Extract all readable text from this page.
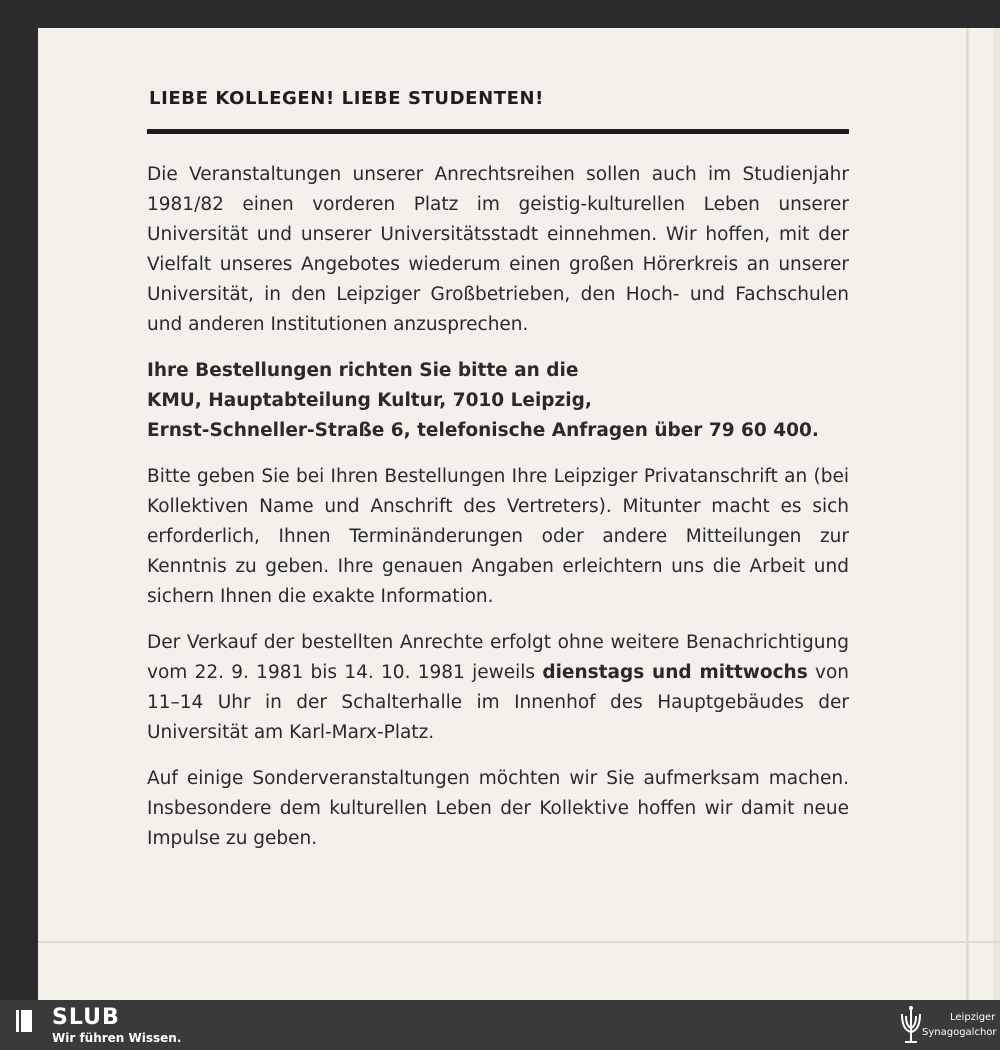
LIEBE KOLLEGEN! LIEBE STUDENTEN!

Die Veranstaltungen unserer Anrechtsreihen sollen auch im Studienjahr 1981/82 einen vorderen Platz im geistig-kulturellen Leben unserer Universität und unserer Universitätsstadt einnehmen. Wir hoffen, mit der Vielfalt unseres Angebotes wiederum einen großen Hörerkreis an unserer Universität, in den Leipziger Großbetrieben, den Hoch- und Fachschulen und anderen Institutionen anzusprechen.

Ihre Bestellungen richten Sie bitte an die

KMU, Hauptabteilung Kultur, 7010 Leipzig,

Ernst-Schneller-Straße 6, telefonische Anfragen über 79 60 400.

Bitte geben Sie bei Ihren Bestellungen Ihre Leipziger Privatanschrift an (bei Kollektiven Name und Anschrift des Vertreters). Mitunter macht es sich erforderlich, Ihnen Terminänderungen oder andere Mitteilungen zur Kenntnis zu geben. Ihre genauen Angaben erleichtern uns die Arbeit und sichern Ihnen die exakte Information.

Der Verkauf der bestellten Anrechte erfolgt ohne weitere Benachrichtigung vom 22. 9. 1981 bis 14. 10. 1981 jeweils dienstags und mittwochs von 11–14 Uhr in der Schalterhalle im Innenhof des Hauptgebäudes der Universität am Karl-Marx-Platz.

Auf einige Sonderveranstaltungen möchten wir Sie aufmerksam machen. Insbesondere dem kulturellen Leben der Kollektive hoffen wir damit neue Impulse zu geben.

SLUB
Wir führen Wissen.
Leipziger
Synagogalchor
